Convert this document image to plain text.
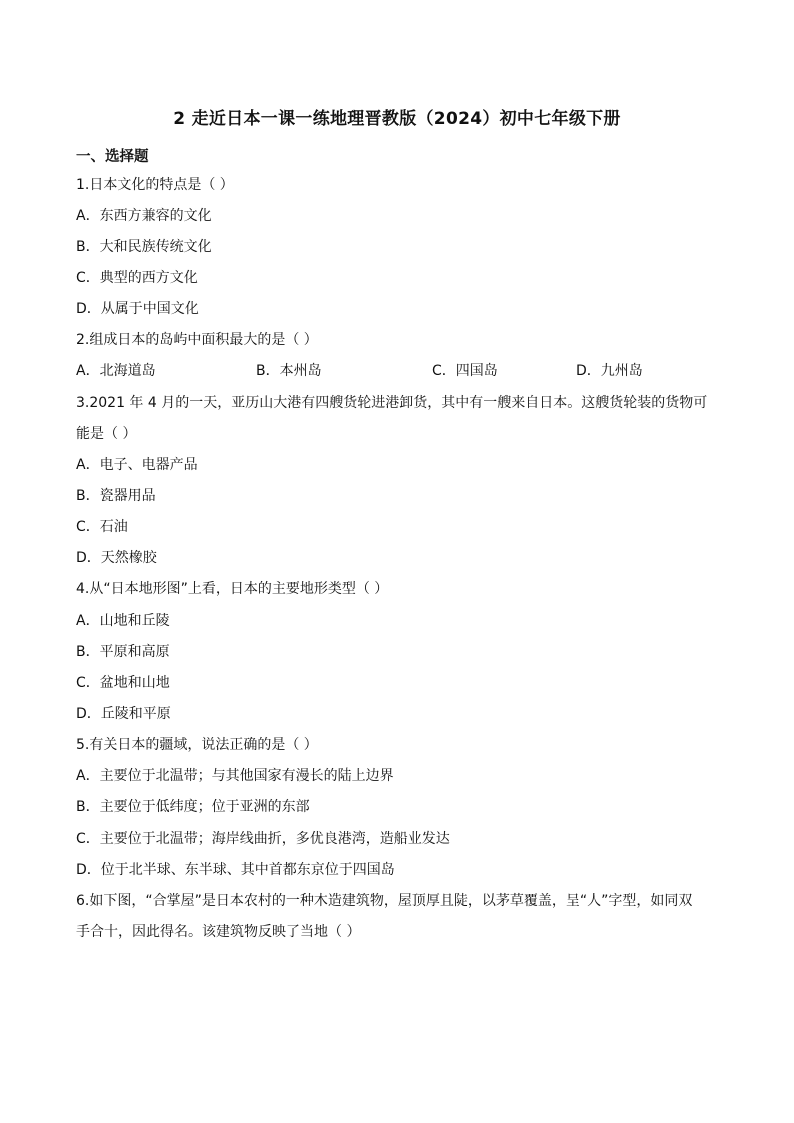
2 走近日本一课一练地理晋教版（2024）初中七年级下册
一、选择题
1.日本文化的特点是（ ）
A．东西方兼容的文化
B．大和民族传统文化
C．典型的西方文化
D．从属于中国文化
2.组成日本的岛屿中面积最大的是（ ）
A．北海道岛	B．本州岛	C．四国岛	D．九州岛
3.2021 年 4 月的一天，亚历山大港有四艘货轮进港卸货，其中有一艘来自日本。这艘货轮装的货物可
能是（ ）
A．电子、电器产品
B．瓷器用品
C．石油
D．天然橡胶
4.从“日本地形图”上看，日本的主要地形类型（ ）
A．山地和丘陵
B．平原和高原
C．盆地和山地
D．丘陵和平原
5.有关日本的疆域，说法正确的是（ ）
A．主要位于北温带；与其他国家有漫长的陆上边界
B．主要位于低纬度；位于亚洲的东部
C．主要位于北温带；海岸线曲折，多优良港湾，造船业发达
D．位于北半球、东半球、其中首都东京位于四国岛
6.如下图，“合掌屋”是日本农村的一种木造建筑物，屋顶厚且陡，以茅草覆盖，呈“人”字型，如同双
手合十，因此得名。该建筑物反映了当地（ ）
